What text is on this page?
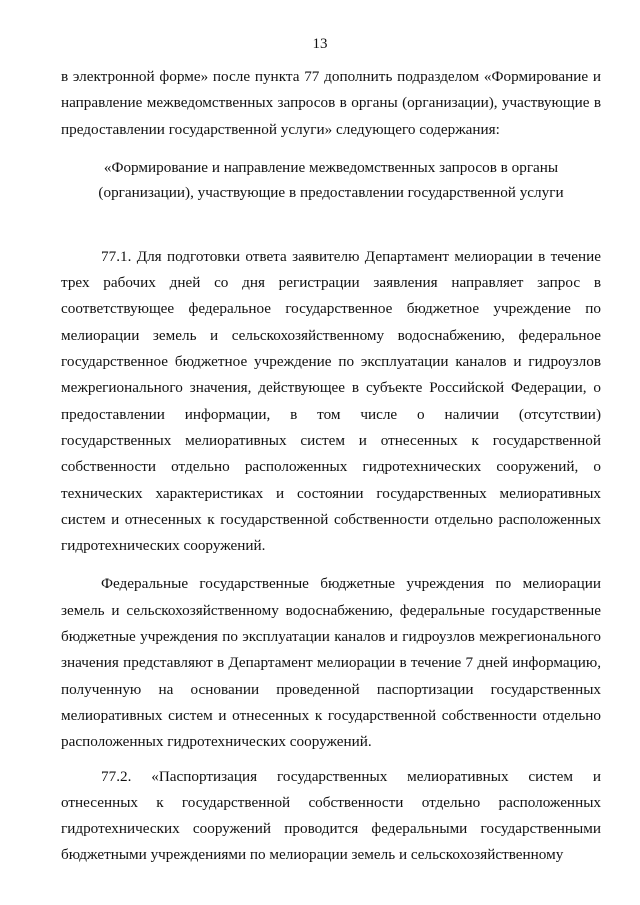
13

в электронной форме» после пункта 77 дополнить подразделом «Формирование и направление межведомственных запросов в органы (организации), участвующие в предоставлении государственной услуги» следующего содержания:

«Формирование и направление межведомственных запросов в органы (организации), участвующие в предоставлении государственной услуги

77.1. Для подготовки ответа заявителю Департамент мелиорации в течение трех рабочих дней со дня регистрации заявления направляет запрос в соответствующее федеральное государственное бюджетное учреждение по мелиорации земель и сельскохозяйственному водоснабжению, федеральное государственное бюджетное учреждение по эксплуатации каналов и гидроузлов межрегионального значения, действующее в субъекте Российской Федерации, о предоставлении информации, в том числе о наличии (отсутствии) государственных мелиоративных систем и отнесенных к государственной собственности отдельно расположенных гидротехнических сооружений, о технических характеристиках и состоянии государственных мелиоративных систем и отнесенных к государственной собственности отдельно расположенных гидротехнических сооружений.

Федеральные государственные бюджетные учреждения по мелиорации земель и сельскохозяйственному водоснабжению, федеральные государственные бюджетные учреждения по эксплуатации каналов и гидроузлов межрегионального значения представляют в Департамент мелиорации в течение 7 дней информацию, полученную на основании проведенной паспортизации государственных мелиоративных систем и отнесенных к государственной собственности отдельно расположенных гидротехнических сооружений.

77.2. «Паспортизация государственных мелиоративных систем и отнесенных к государственной собственности отдельно расположенных гидротехнических сооружений проводится федеральными государственными бюджетными учреждениями по мелиорации земель и сельскохозяйственному
